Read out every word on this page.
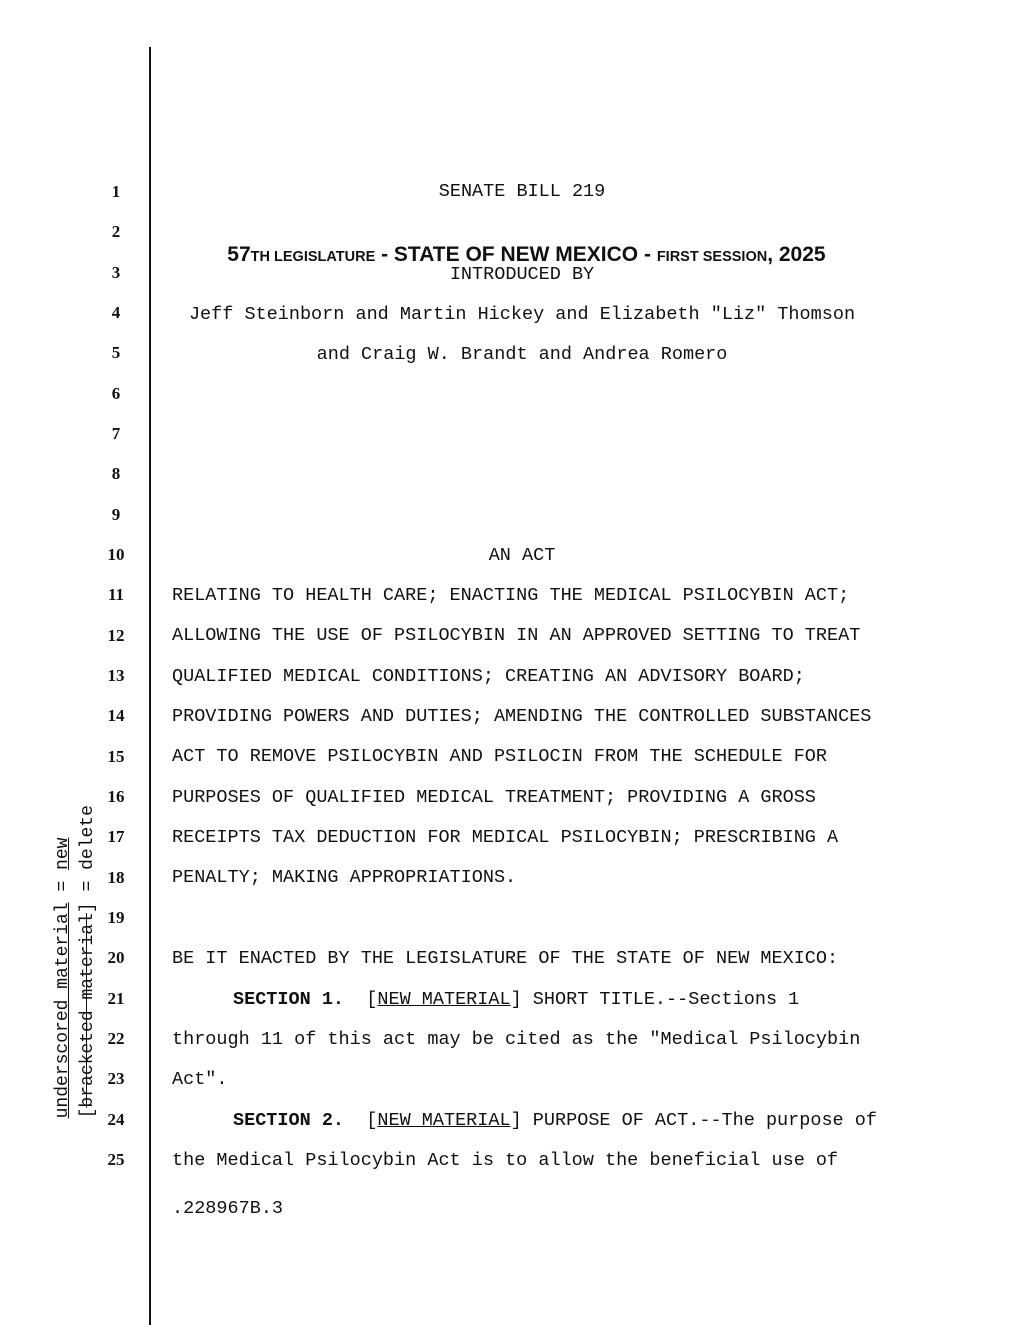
underscored material = new

[bracketed material] = delete

1
2
3
4
5
6
7
8
9
10
11
12
13
14
15
16
17
18
19
20
21
22
23
24
25
SENATE BILL 219

57TH LEGISLATURE - STATE OF NEW MEXICO - FIRST SESSION, 2025

INTRODUCED BY
Jeff Steinborn and Martin Hickey and Elizabeth "Liz" Thomson
and Craig W. Brandt and Andrea Romero
AN ACT
RELATING TO HEALTH CARE; ENACTING THE MEDICAL PSILOCYBIN ACT;
ALLOWING THE USE OF PSILOCYBIN IN AN APPROVED SETTING TO TREAT
QUALIFIED MEDICAL CONDITIONS; CREATING AN ADVISORY BOARD;
PROVIDING POWERS AND DUTIES; AMENDING THE CONTROLLED SUBSTANCES
ACT TO REMOVE PSILOCYBIN AND PSILOCIN FROM THE SCHEDULE FOR
PURPOSES OF QUALIFIED MEDICAL TREATMENT; PROVIDING A GROSS
RECEIPTS TAX DEDUCTION FOR MEDICAL PSILOCYBIN; PRESCRIBING A
PENALTY; MAKING APPROPRIATIONS.
BE IT ENACTED BY THE LEGISLATURE OF THE STATE OF NEW MEXICO:
SECTION 1. [NEW MATERIAL] SHORT TITLE.--Sections 1
through 11 of this act may be cited as the "Medical Psilocybin
Act".
SECTION 2. [NEW MATERIAL] PURPOSE OF ACT.--The purpose of
the Medical Psilocybin Act is to allow the beneficial use of
.228967B.3
